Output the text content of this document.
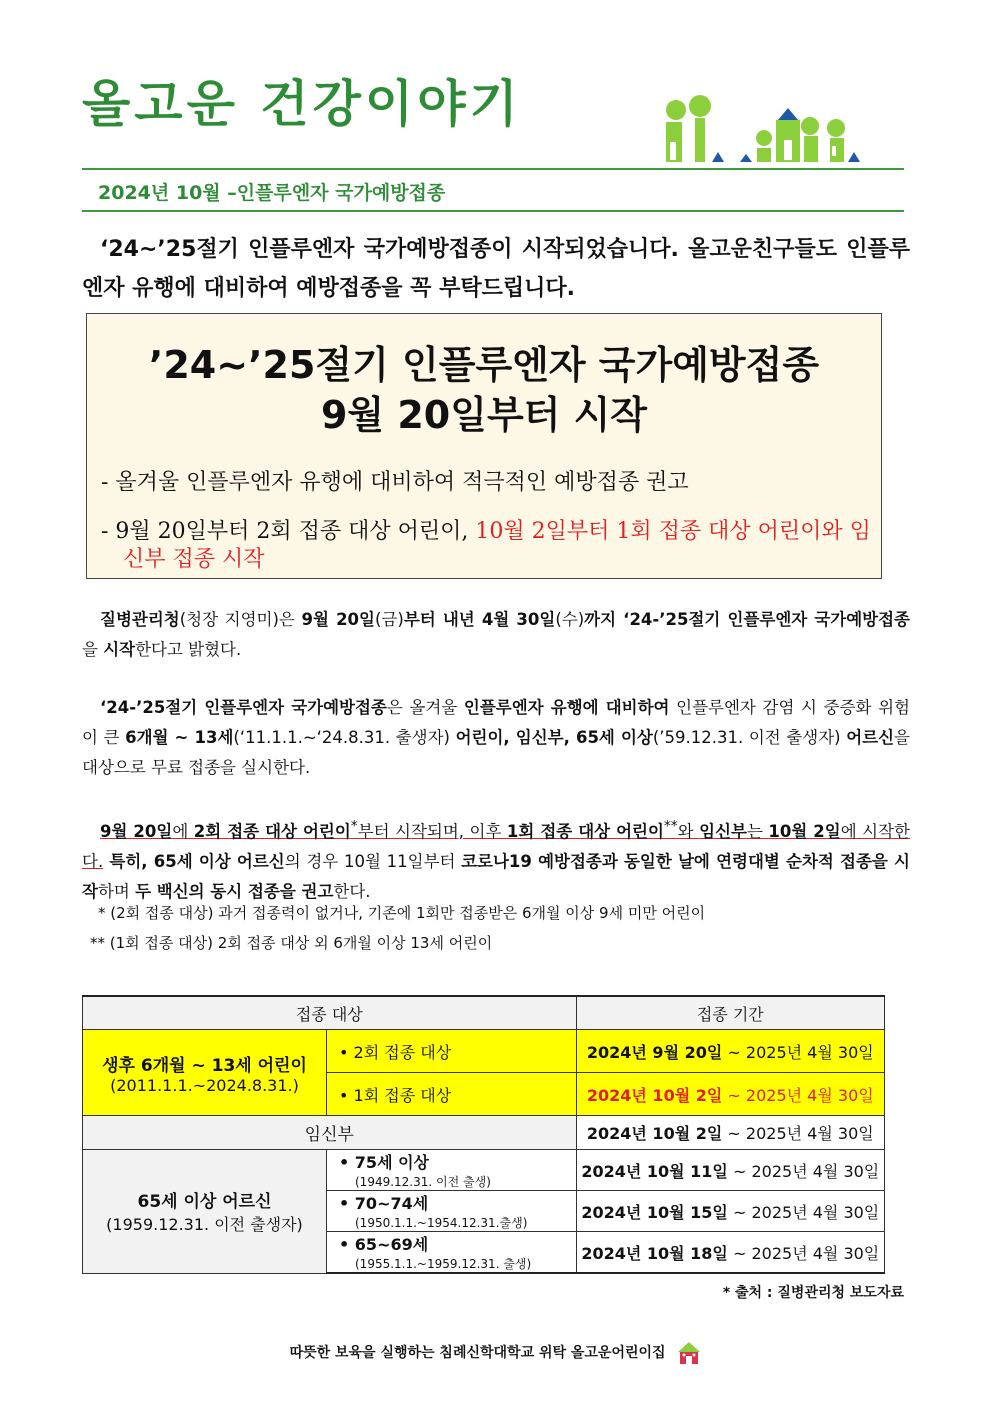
올고운 건강이야기
2024년 10월 –인플루엔자 국가예방접종
‘24~’25절기 인플루엔자 국가예방접종이 시작되었습니다. 올고운친구들도 인플루엔자 유행에 대비하여 예방접종을 꼭 부탁드립니다.
’24~’25절기 인플루엔자 국가예방접종
9월 20일부터 시작
- 올겨울 인플루엔자 유행에 대비하여 적극적인 예방접종 권고
- 9월 20일부터 2회 접종 대상 어린이, 10월 2일부터 1회 접종 대상 어린이와 임신부 접종 시작
질병관리청(청장 지영미)은 9월 20일(금)부터 내년 4월 30일(수)까지 ‘24-’25절기 인플루엔자 국가예방접종을 시작한다고 밝혔다.
‘24-’25절기 인플루엔자 국가예방접종은 올겨울 인플루엔자 유행에 대비하여 인플루엔자 감염 시 중증화 위험이 큰 6개월 ~ 13세(‘11.1.1.~‘24.8.31. 출생자) 어린이, 임신부, 65세 이상(’59.12.31. 이전 출생자) 어르신을 대상으로 무료 접종을 실시한다.
9월 20일에 2회 접종 대상 어린이*부터 시작되며, 이후 1회 접종 대상 어린이**와 임신부는 10월 2일에 시작한다. 특히, 65세 이상 어르신의 경우 10월 11일부터 코로나19 예방접종과 동일한 날에 연령대별 순차적 접종을 시작하며 두 백신의 동시 접종을 권고한다.
* (2회 접종 대상) 과거 접종력이 없거나, 기존에 1회만 접종받은 6개월 이상 9세 미만 어린이
** (1회 접종 대상) 2회 접종 대상 외 6개월 이상 13세 어린이
접종 대상		접종 기간
생후 6개월 ~ 13세 어린이
(2011.1.1.~2024.8.31.)	• 2회 접종 대상	2024년 9월 20일 ~ 2025년 4월 30일
	• 1회 접종 대상	2024년 10월 2일 ~ 2025년 4월 30일
임신부		2024년 10월 2일 ~ 2025년 4월 30일
65세 이상 어르신
(1959.12.31. 이전 출생자)	• 75세 이상
(1949.12.31. 이전 출생)	2024년 10월 11일 ~ 2025년 4월 30일
	• 70~74세
(1950.1.1.~1954.12.31.출생)	2024년 10월 15일 ~ 2025년 4월 30일
	• 65~69세
(1955.1.1.~1959.12.31. 출생)	2024년 10월 18일 ~ 2025년 4월 30일
* 출처 : 질병관리청 보도자료
따뜻한 보육을 실행하는 침례신학대학교 위탁 올고운어린이집
